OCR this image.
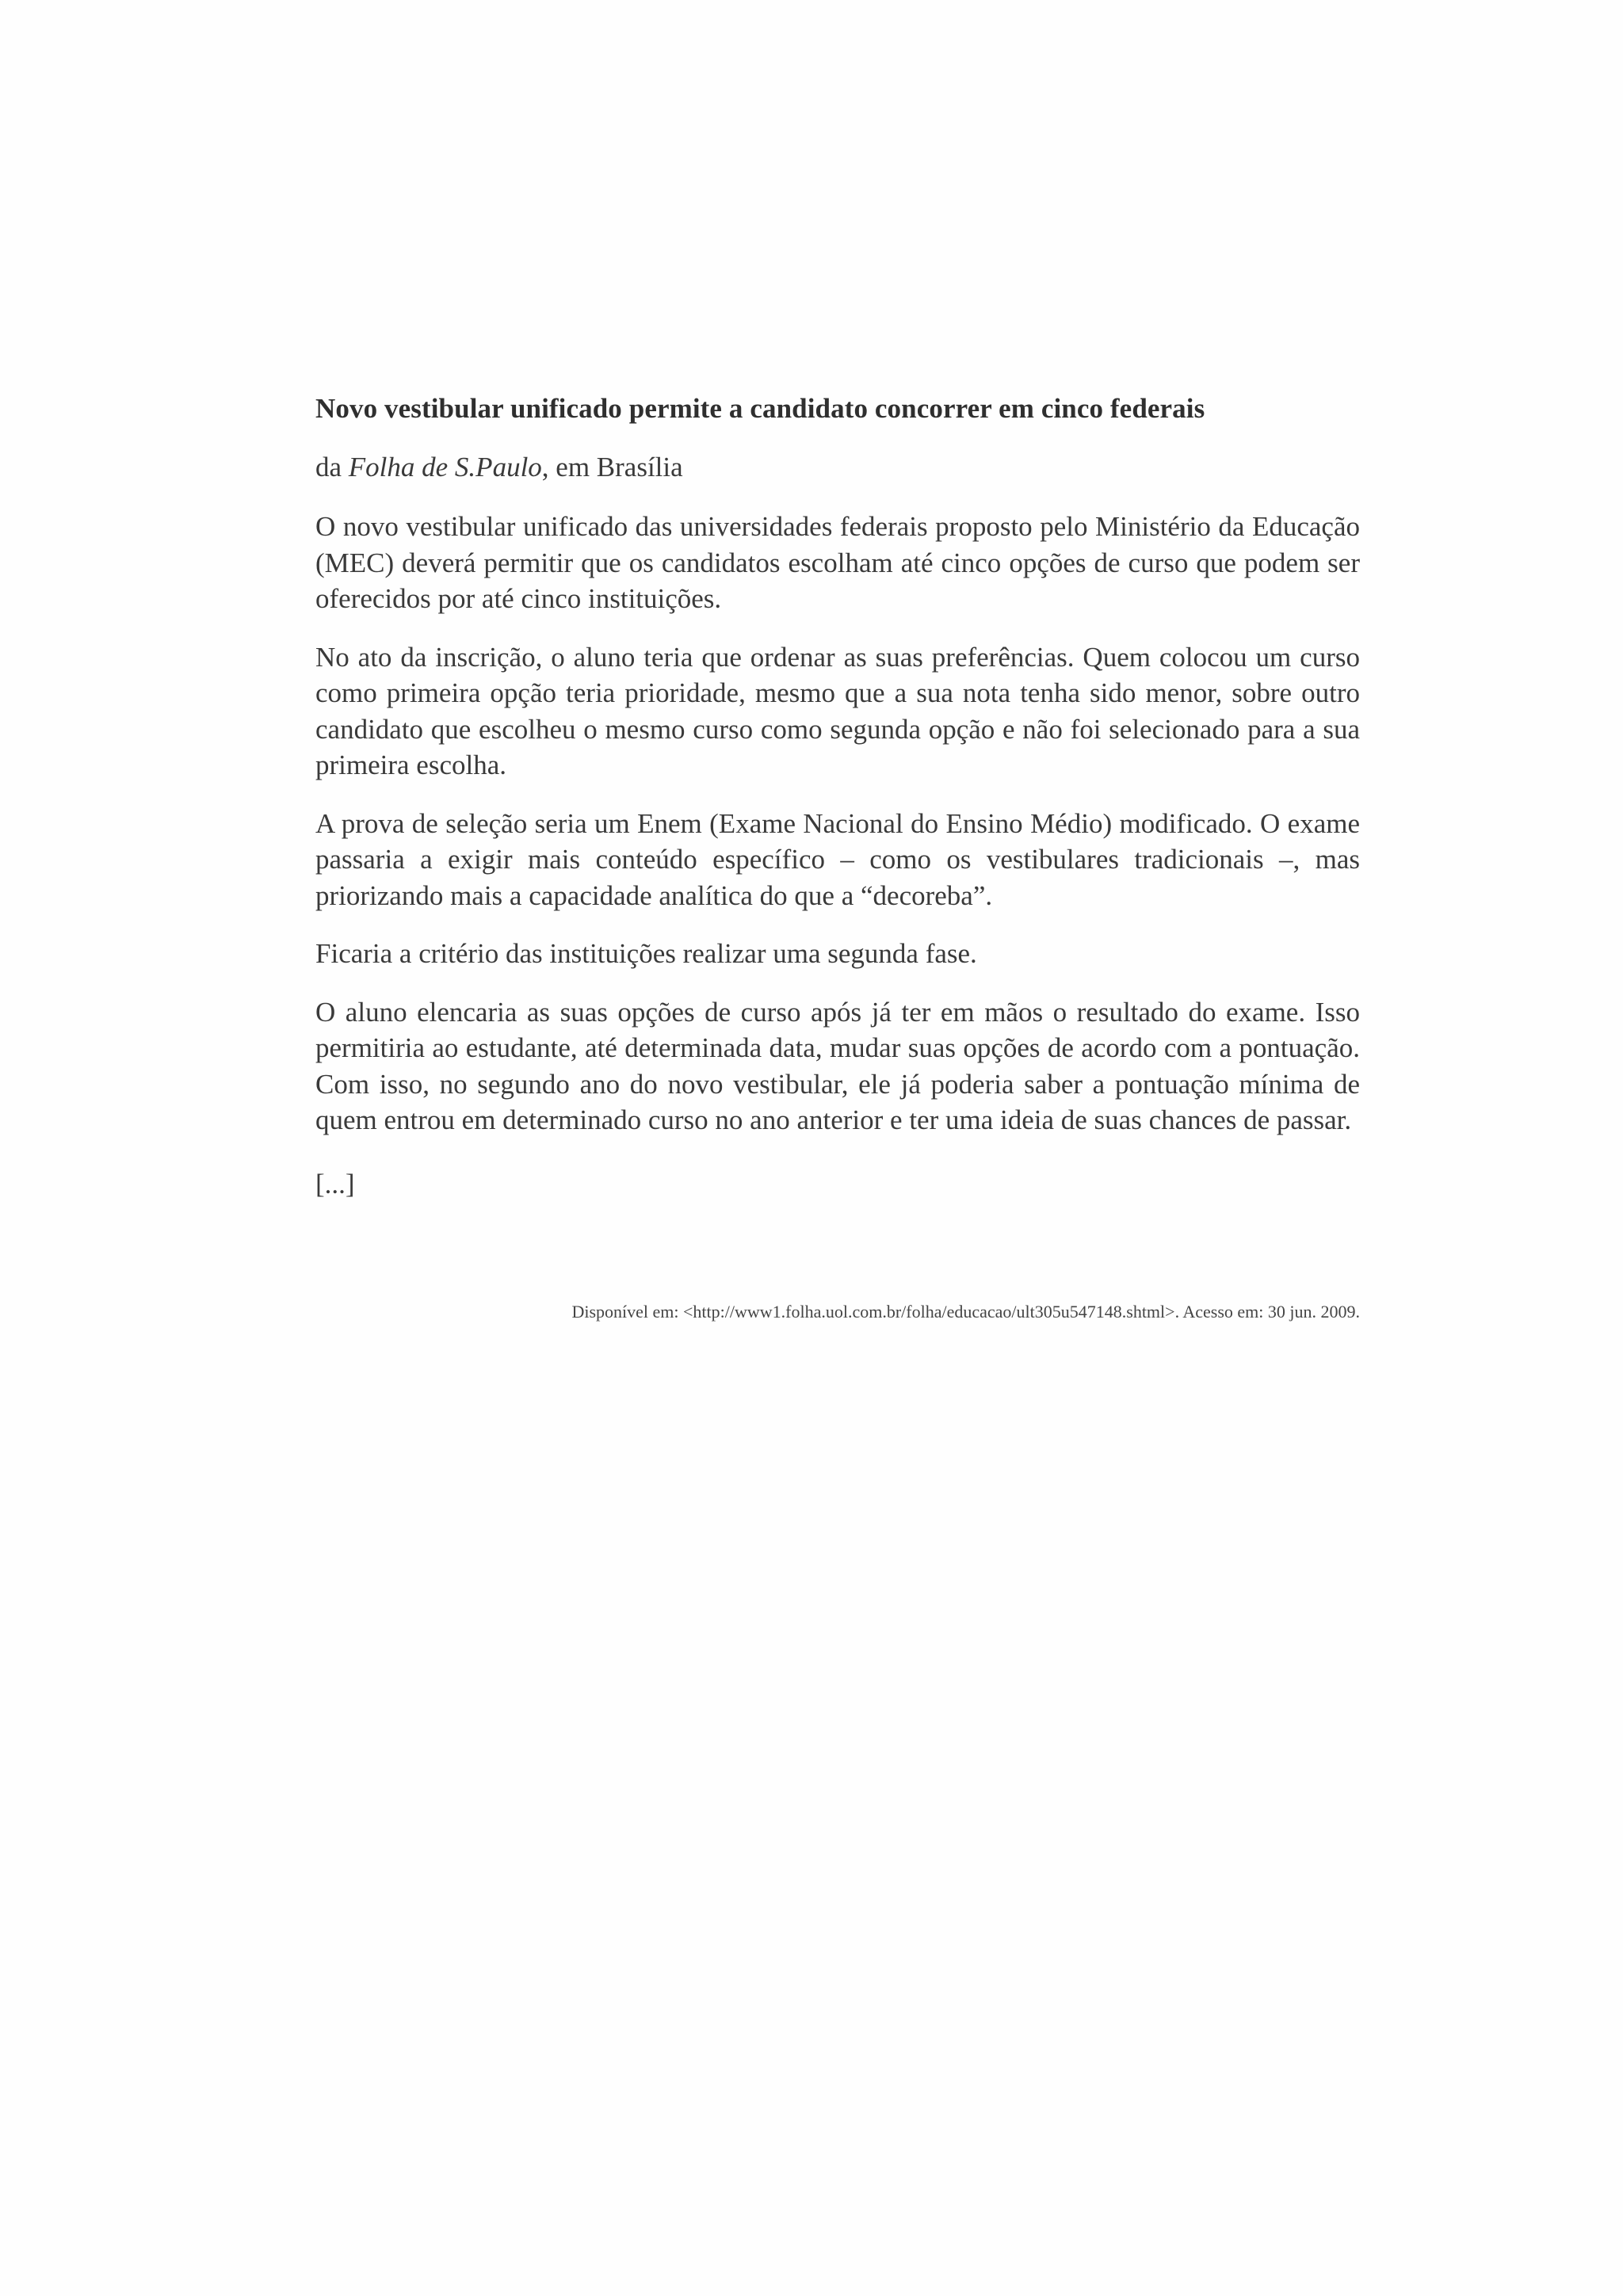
Novo vestibular unificado permite a candidato concorrer em cinco federais

da Folha de S.Paulo, em Brasília

O novo vestibular unificado das universidades federais proposto pelo Ministério da Educação (MEC) deverá permitir que os candidatos escolham até cinco opções de curso que podem ser oferecidos por até cinco instituições.

No ato da inscrição, o aluno teria que ordenar as suas preferências. Quem colocou um curso como primeira opção teria prioridade, mesmo que a sua nota tenha sido menor, sobre outro candidato que escolheu o mesmo curso como segunda opção e não foi selecionado para a sua primeira escolha.

A prova de seleção seria um Enem (Exame Nacional do Ensino Médio) modificado. O exame passaria a exigir mais conteúdo específico – como os vestibulares tradicionais –, mas priorizando mais a capacidade analítica do que a “decoreba”.

Ficaria a critério das instituições realizar uma segunda fase.

O aluno elencaria as suas opções de curso após já ter em mãos o resultado do exame. Isso permitiria ao estudante, até determinada data, mudar suas opções de acordo com a pontuação. Com isso, no segundo ano do novo vestibular, ele já poderia saber a pontuação mínima de quem entrou em determinado curso no ano anterior e ter uma ideia de suas chances de passar.

[...]

Disponível em: <http://www1.folha.uol.com.br/folha/educacao/ult305u547148.shtml>. Acesso em: 30 jun. 2009.
